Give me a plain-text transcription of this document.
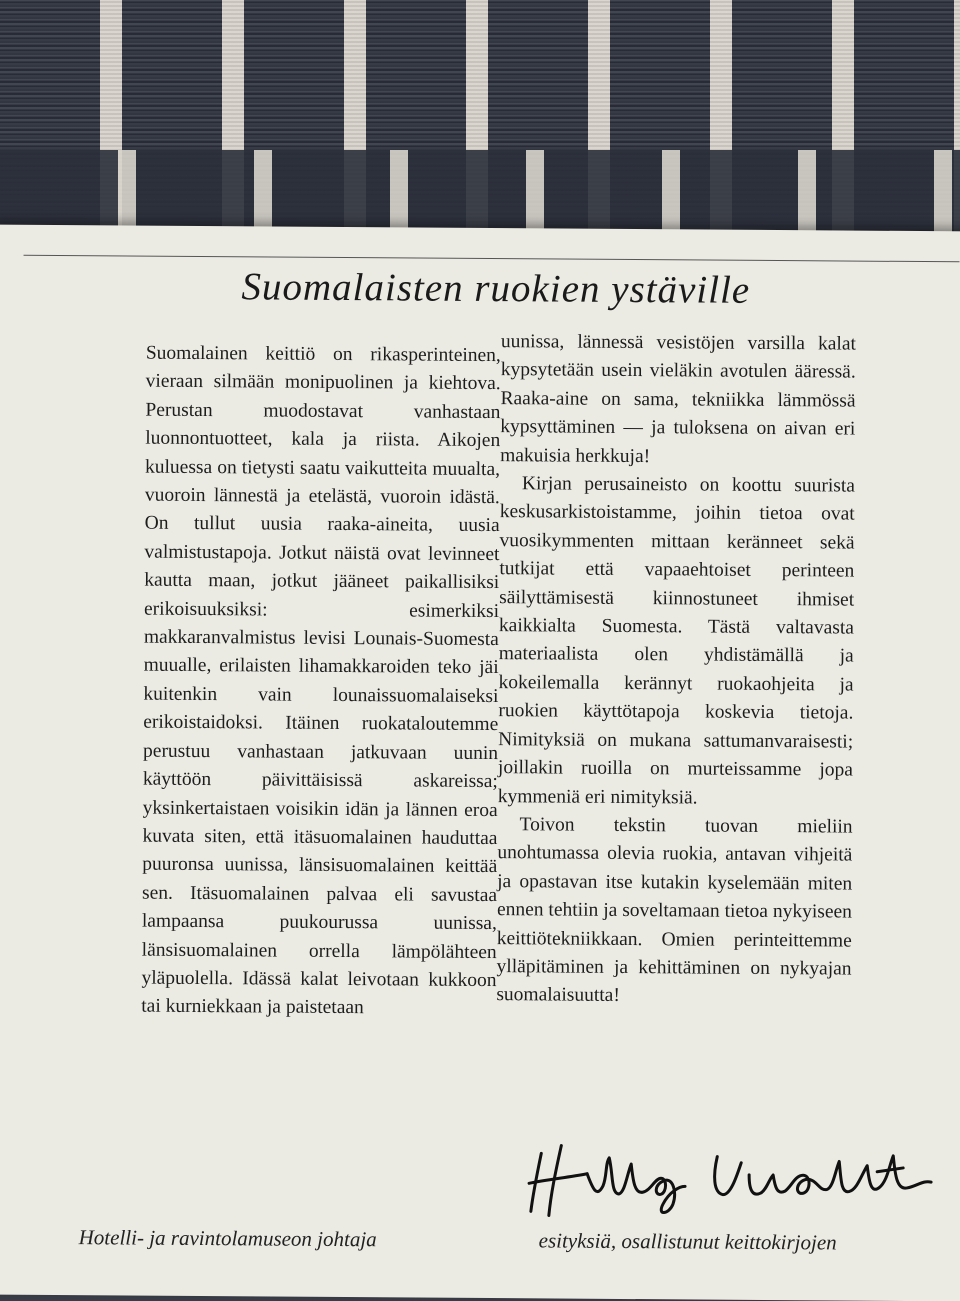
Suomalaisten ruokien ystäville

Suomalainen keittiö on rikasperinteinen, vieraan silmään monipuolinen ja kiehtova. Perustan muodostavat vanhastaan luonnontuotteet, kala ja riista. Aikojen kuluessa on tietysti saatu vaikutteita muualta, vuoroin lännestä ja etelästä, vuoroin idästä. On tullut uusia raaka-aineita, uusia valmistustapoja. Jotkut näistä ovat levinneet kautta maan, jotkut jääneet paikallisiksi erikoisuuksiksi: esimerkiksi makkaranvalmistus levisi Lounais-Suomesta muualle, erilaisten lihamakkaroiden teko jäi kuitenkin vain lounaissuomalaiseksi erikoistaidoksi. Itäinen ruokataloutemme perustuu vanhastaan jatkuvaan uunin käyttöön päivittäisissä askareissa; yksinkertaistaen voisikin idän ja lännen eroa kuvata siten, että itäsuomalainen hauduttaa puuronsa uunissa, länsisuomalainen keittää sen. Itäsuomalainen palvaa eli savustaa lampaansa puukourussa uunissa, länsisuomalainen orrella lämpölähteen yläpuolella. Idässä kalat leivotaan kukkoon tai kurniekkaan ja paistetaan

uunissa, lännessä vesistöjen varsilla kalat kypsytetään usein vieläkin avotulen ääressä. Raaka-aine on sama, tekniikka lämmössä kypsyttäminen — ja tuloksena on aivan eri makuisia herkkuja!

Kirjan perusaineisto on koottu suurista keskusarkistoistamme, joihin tietoa ovat vuosikymmenten mittaan keränneet sekä tutkijat että vapaaehtoiset perinteen säilyttämisestä kiinnostuneet ihmiset kaikkialta Suomesta. Tästä valtavasta materiaalista olen yhdistämällä ja kokeilemalla kerännyt ruokaohjeita ja ruokien käyttötapoja koskevia tietoja. Nimityksiä on mukana sattumanvaraisesti; joillakin ruoilla on murteissamme jopa kymmeniä eri nimityksiä.

Toivon tekstin tuovan mieliin unohtumassa olevia ruokia, antavan vihjeitä ja opastavan itse kutakin kyselemään miten ennen tehtiin ja soveltamaan tietoa nykyiseen keittiötekniikkaan. Omien perinteittemme ylläpitäminen ja kehittäminen on nykyajan suomalaisuutta!

Hotelli- ja ravintolamuseon johtaja	esityksiä, osallistunut keittokirjojen
